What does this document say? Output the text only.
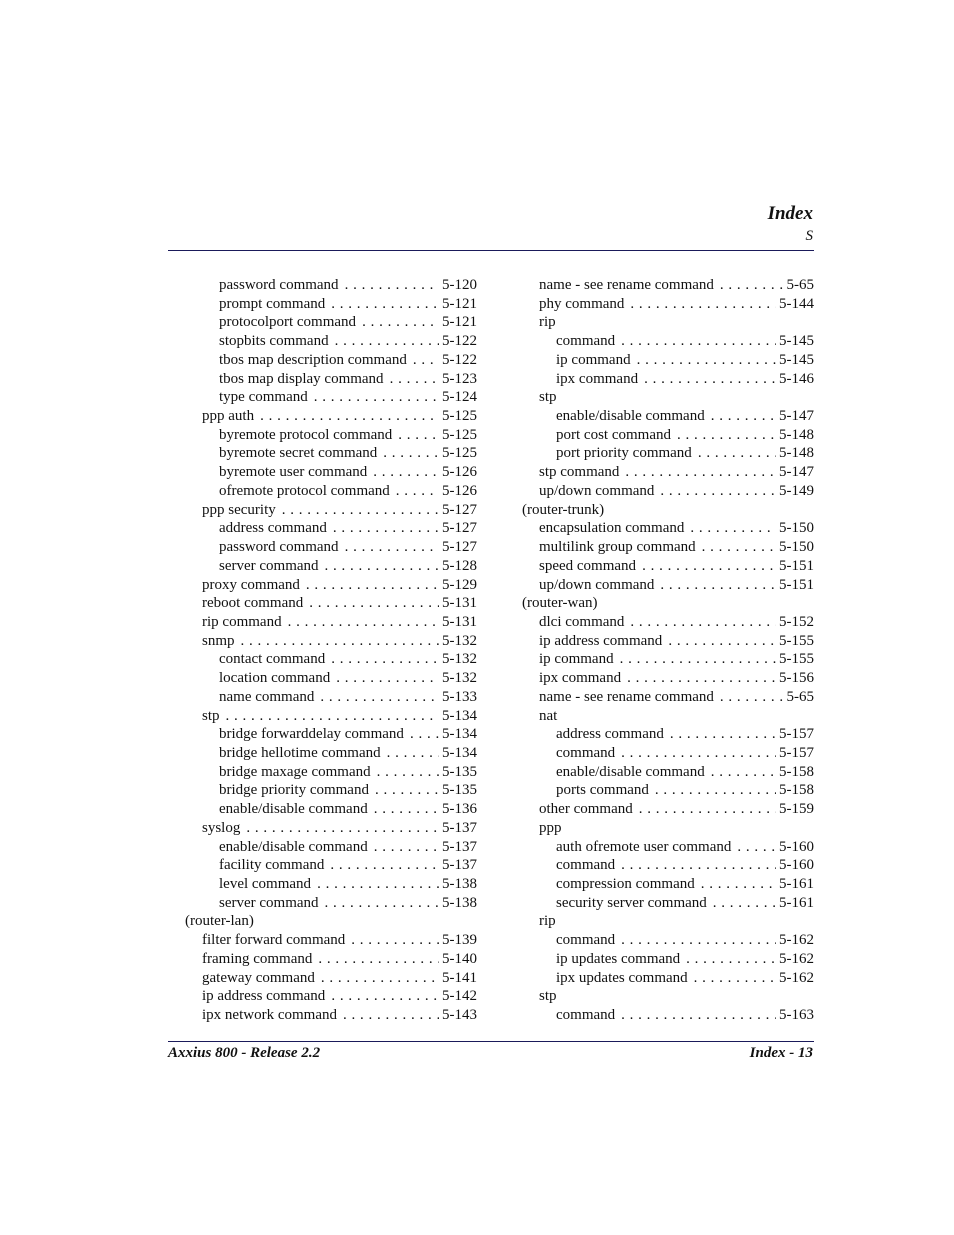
Index
S
password command . . .	5-120
prompt command . . .	5-121
protocolport command . . .	5-121
stopbits command . . .	5-122
tbos map description command . . . 5-122
tbos map display command . . .	5-123
type command . . .	5-124
ppp auth . . .	5-125
byremote protocol command . . .	5-125
byremote secret command . . .	5-125
byremote user command . . .	5-126
ofremote protocol command . . .	5-126
ppp security . . .	5-127
address command . . .	5-127
password command . . .	5-127
server command . . .	5-128
proxy command . . .	5-129
reboot command . . .	5-131
rip command . . .	5-131
snmp . . .	5-132
contact command . . .	5-132
location command . . .	5-132
name command . . .	5-133
stp . . .	5-134
bridge forwarddelay command . . .	5-134
bridge hellotime command . . .	5-134
bridge maxage command . . .	5-135
bridge priority command . . .	5-135
enable/disable command . . .	5-136
syslog . . .	5-137
enable/disable command . . .	5-137
facility command . . .	5-137
level command . . .	5-138
server command . . .	5-138
(router-lan)
filter forward command . . .	5-139
framing command . . .	5-140
gateway command . . .	5-141
ip address command . . .	5-142
ipx network command . . .	5-143
name - see rename command . . .	5-65
phy command . . .	5-144
rip
command . . .	5-145
ip command . . .	5-145
ipx command . . .	5-146
stp
enable/disable command . . .	5-147
port cost command . . .	5-148
port priority command . . .	5-148
stp command . . .	5-147
up/down command . . .	5-149
(router-trunk)
encapsulation command . . .	5-150
multilink group command . . .	5-150
speed command . . .	5-151
up/down command . . .	5-151
(router-wan)
dlci command . . .	5-152
ip address command . . .	5-155
ip command . . .	5-155
ipx command . . .	5-156
name - see rename command . . .	5-65
nat
address command . . .	5-157
command . . .	5-157
enable/disable command . . .	5-158
ports command . . .	5-158
other command . . .	5-159
ppp
auth ofremote user command . . .	5-160
command . . .	5-160
compression command . . .	5-161
security server command . . .	5-161
rip
command . . .	5-162
ip updates command . . .	5-162
ipx updates command . . .	5-162
stp
command . . .	5-163
Axxius 800 - Release 2.2	Index - 13
